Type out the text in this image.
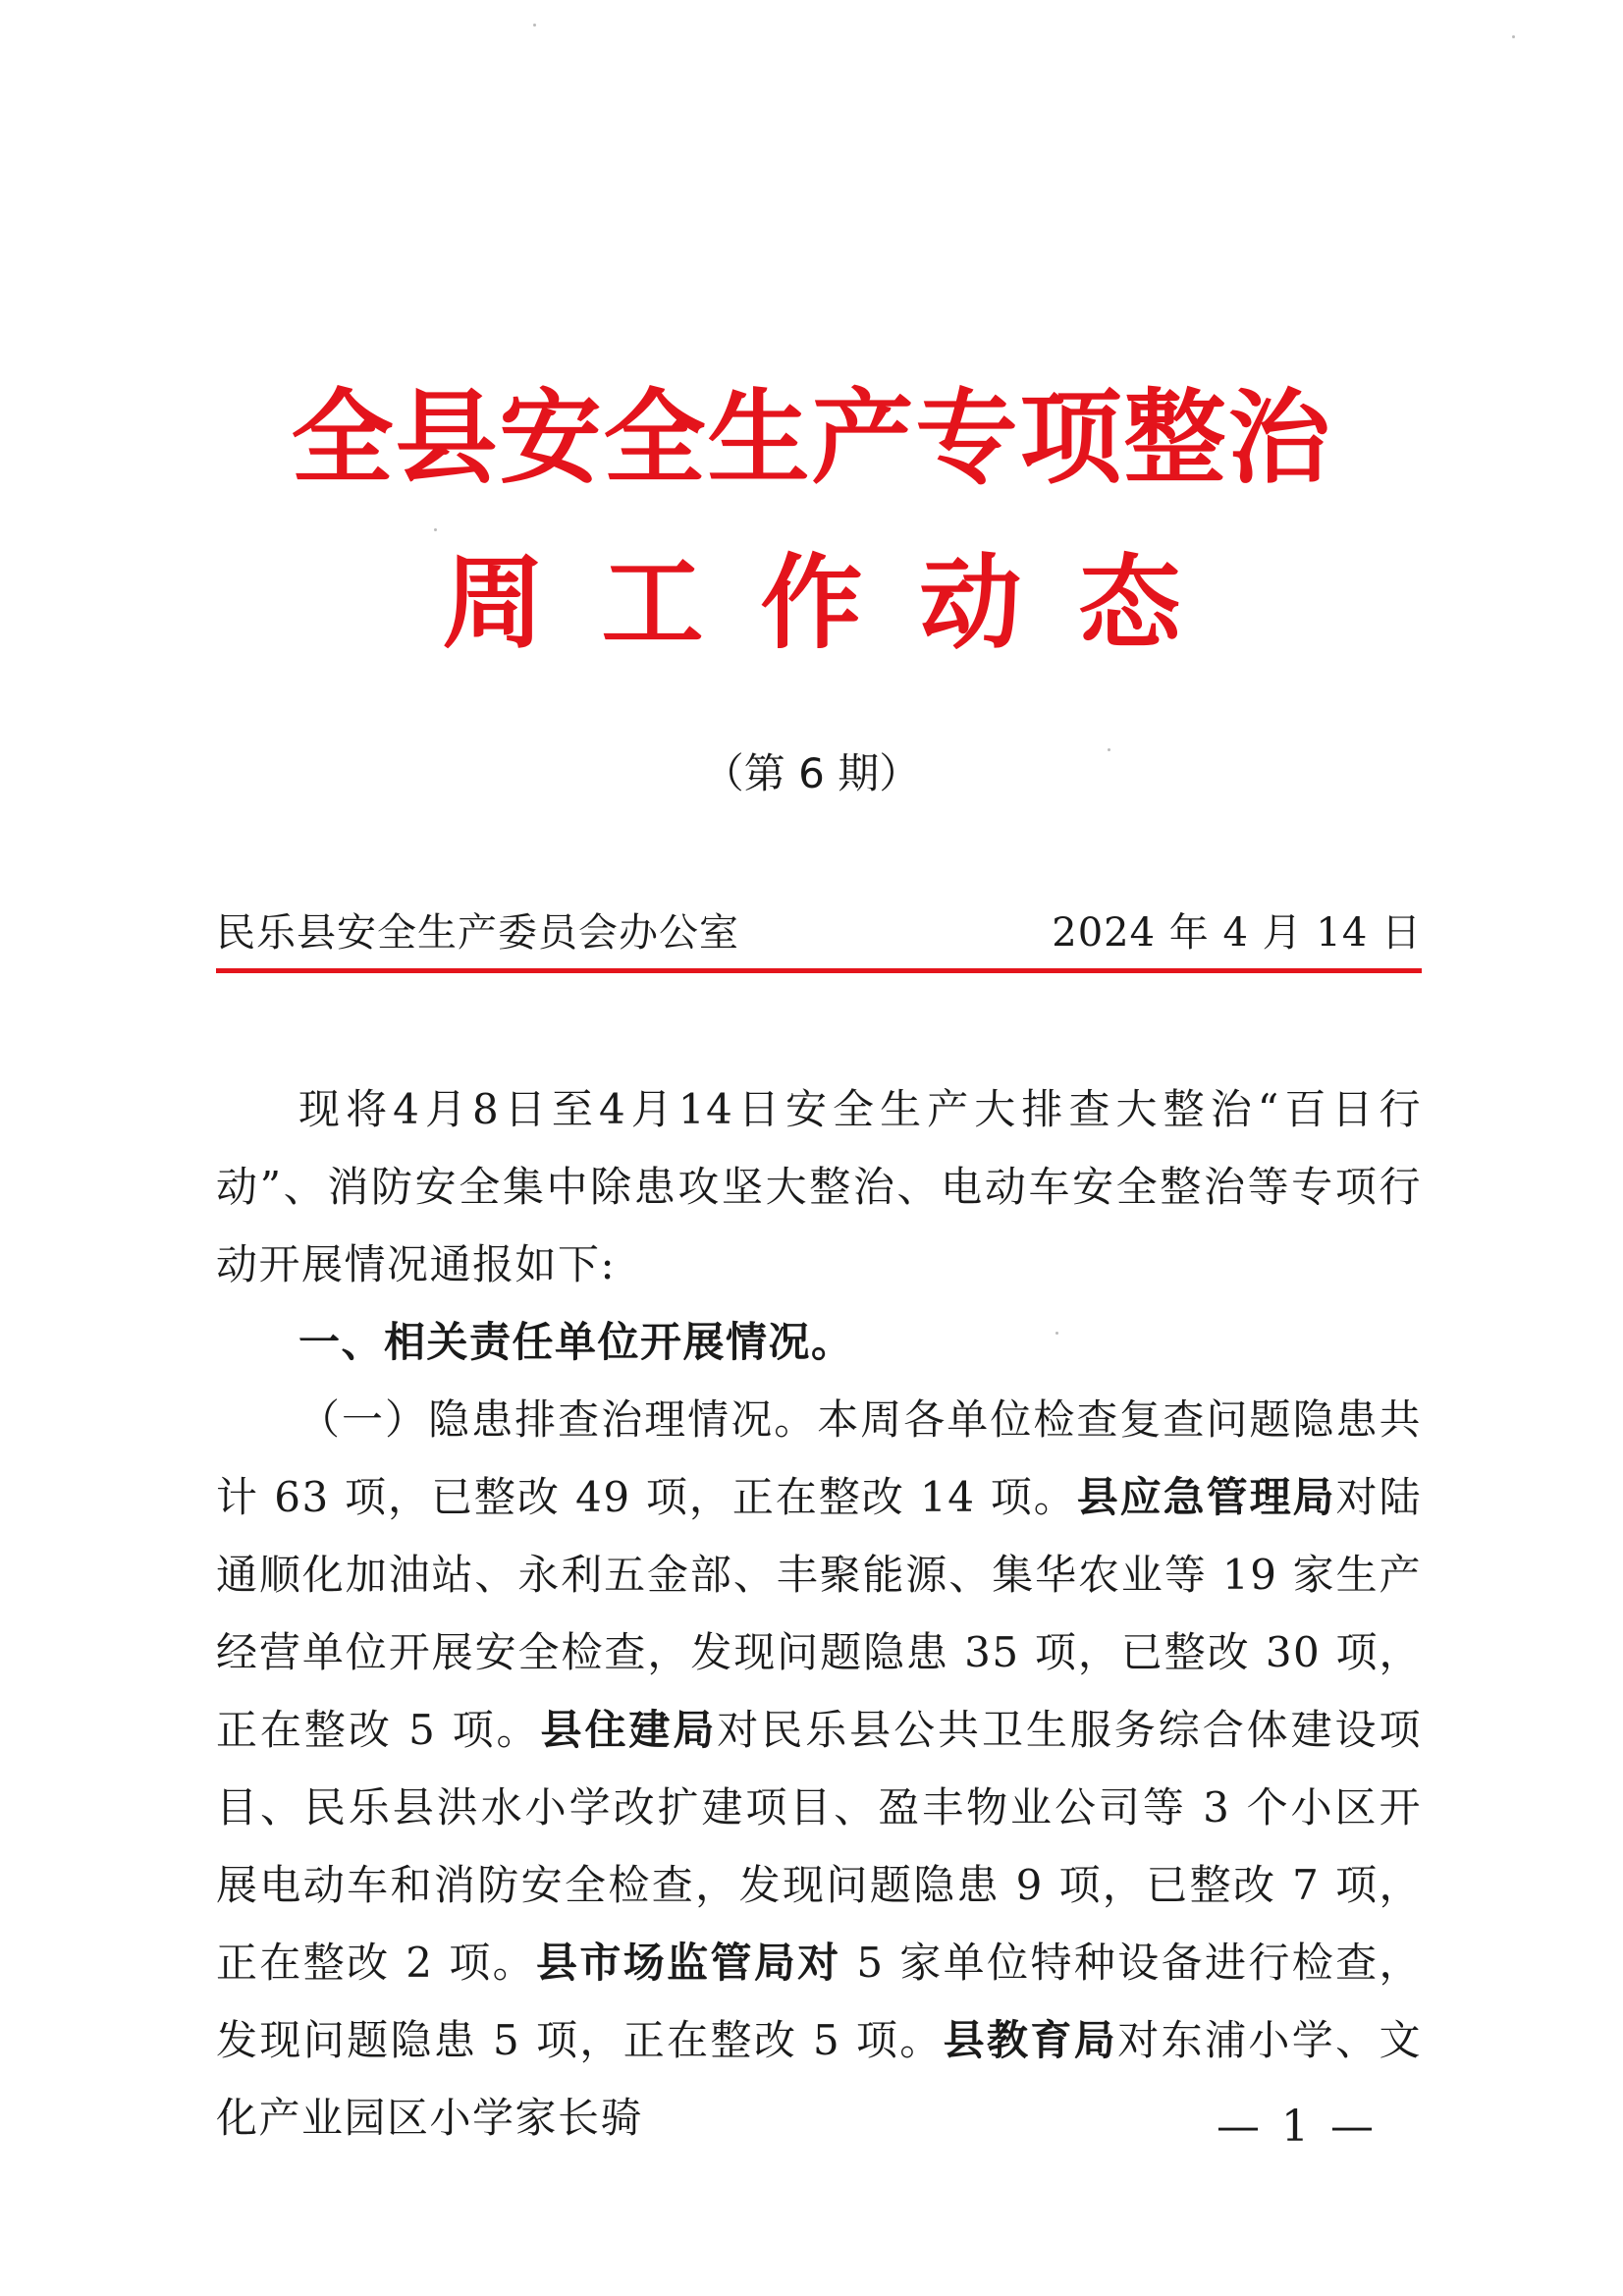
全县安全生产专项整治
周工作动态
（第 6 期）
民乐县安全生产委员会办公室	2024 年 4 月 14 日

现将4月8日至4月14日安全生产大排查大整治“百日行动”、消防安全集中除患攻坚大整治、电动车安全整治等专项行动开展情况通报如下:

一、相关责任单位开展情况。

（一）隐患排查治理情况。本周各单位检查复查问题隐患共计 63 项，已整改 49 项，正在整改 14 项。县应急管理局对陆通顺化加油站、永利五金部、丰聚能源、集华农业等 19 家生产经营单位开展安全检查，发现问题隐患 35 项，已整改 30 项，正在整改 5 项。县住建局对民乐县公共卫生服务综合体建设项目、民乐县洪水小学改扩建项目、盈丰物业公司等 3 个小区开展电动车和消防安全检查，发现问题隐患 9 项，已整改 7 项，正在整改 2 项。县市场监管局对 5 家单位特种设备进行检查，发现问题隐患 5 项，正在整改 5 项。县教育局对东浦小学、文化产业园区小学家长骑	— 1 —
